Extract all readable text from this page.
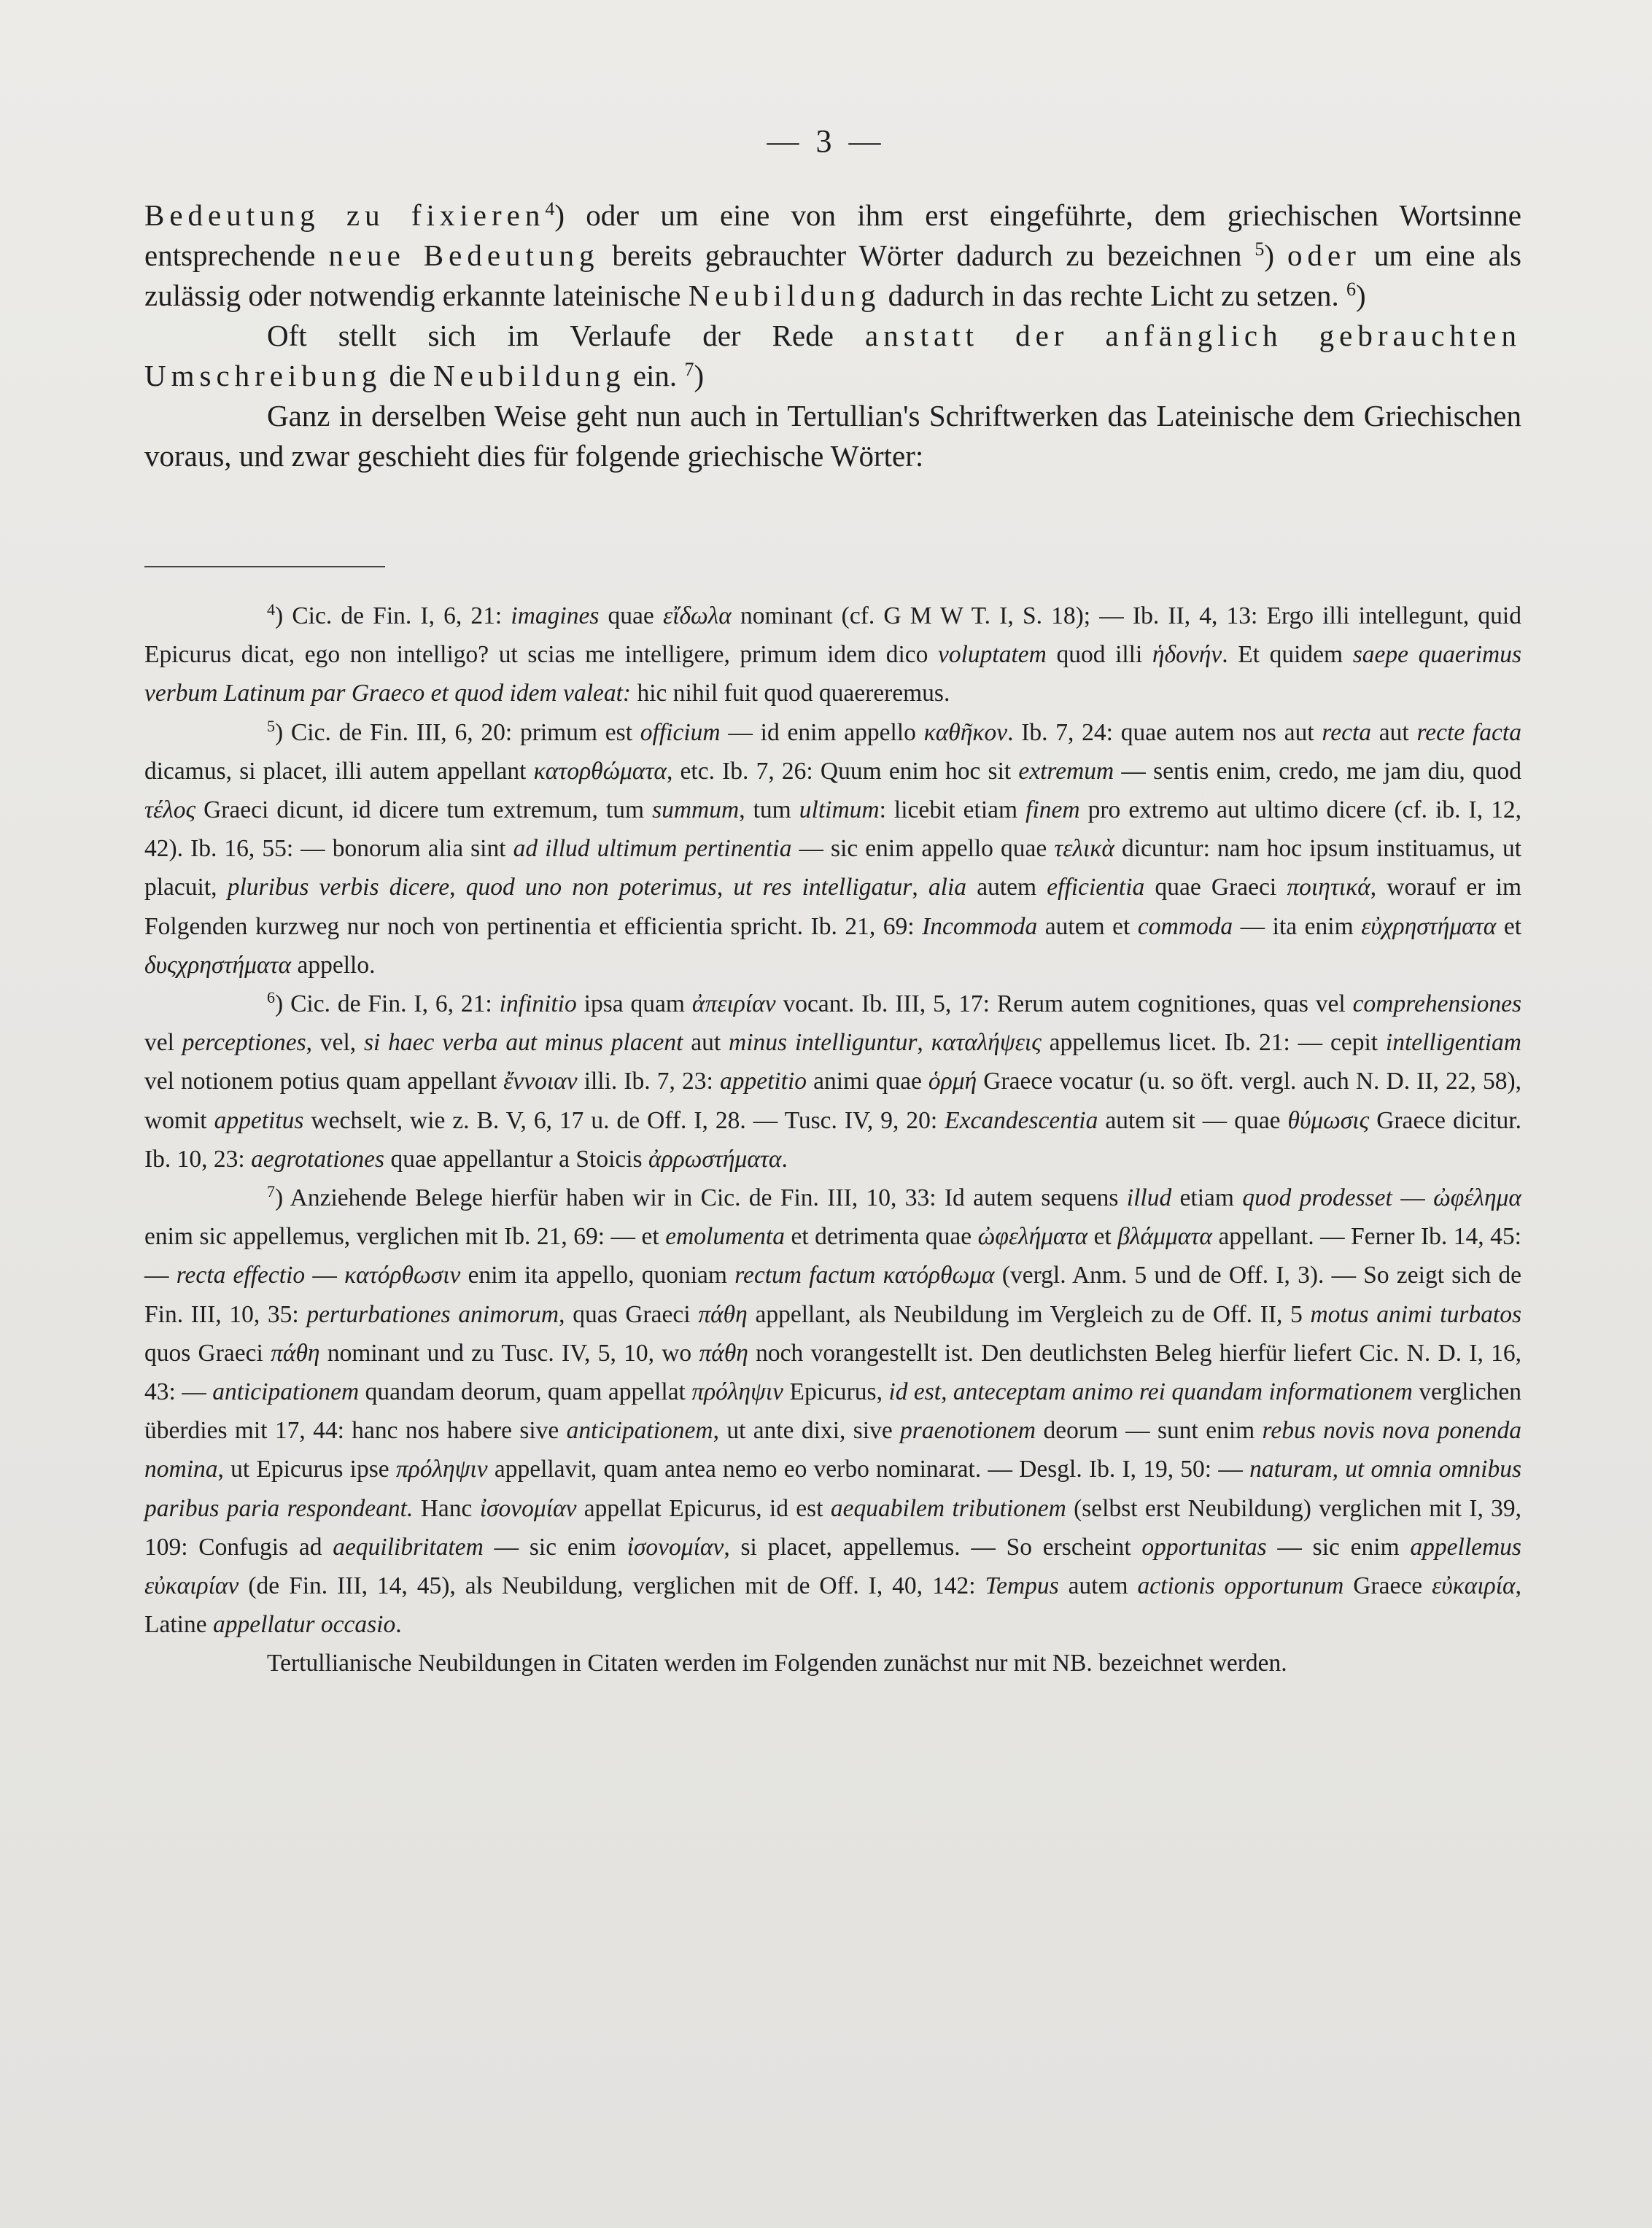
— 3 —

Bedeutung zu fixieren$^4$) oder um eine von ihm erst eingeführte, dem griechischen Wortsinne entsprechende neue Bedeutung bereits gebrauchter Wörter dadurch zu bezeichnen $^5$) oder um eine als zulässig oder notwendig erkannte lateinische Neubildung dadurch in das rechte Licht zu setzen. $^6$)

Oft stellt sich im Verlaufe der Rede anstatt der anfänglich gebrauchten Umschreibung die Neubildung ein. $^7$)

Ganz in derselben Weise geht nun auch in Tertullian's Schriftwerken das Lateinische dem Griechischen voraus, und zwar geschieht dies für folgende griechische Wörter:

$^4$) Cic. de Fin. I, 6, 21: imagines quae εἴδωλα nominant (cf. G M W T. I, S. 18); — Ib. II, 4, 13: Ergo illi intellegunt, quid Epicurus dicat, ego non intelligo? ut scias me intelligere, primum idem dico voluptatem quod illi ἡδονήν. Et quidem saepe quaerimus verbum Latinum par Graeco et quod idem valeat: hic nihil fuit quod quaereremus.

$^5$) Cic. de Fin. III, 6, 20: primum est officium — id enim appello καθῆκον. Ib. 7, 24: quae autem nos aut recta aut recte facta dicamus, si placet, illi autem appellant κατορθώματα, etc. Ib. 7, 26: Quum enim hoc sit extremum — sentis enim, credo, me jam diu, quod τέλος Graeci dicunt, id dicere tum extremum, tum summum, tum ultimum: licebit etiam finem pro extremo aut ultimo dicere (cf. ib. I, 12, 42). Ib. 16, 55: — bonorum alia sint ad illud ultimum pertinentia — sic enim appello quae τελικὰ dicuntur: nam hoc ipsum instituamus, ut placuit, pluribus verbis dicere, quod uno non poterimus, ut res intelligatur, alia autem efficientia quae Graeci ποιητικά, worauf er im Folgenden kurzweg nur noch von pertinentia et efficientia spricht. Ib. 21, 69: Incommoda autem et commoda — ita enim εὐχρηστήματα et δυςχρηστήματα appello.

$^6$) Cic. de Fin. I, 6, 21: infinitio ipsa quam ἀπειρίαν vocant. Ib. III, 5, 17: Rerum autem cognitiones, quas vel comprehensiones vel perceptiones, vel, si haec verba aut minus placent aut minus intelliguntur, καταλήψεις appellemus licet. Ib. 21: — cepit intelligentiam vel notionem potius quam appellant ἔννοιαν illi. Ib. 7, 23: appetitio animi quae ὁρμή Graece vocatur (u. so öft. vergl. auch N. D. II, 22, 58), womit appetitus wechselt, wie z. B. V, 6, 17 u. de Off. I, 28. — Tusc. IV, 9, 20: Excandescentia autem sit — quae θύμωσις Graece dicitur. Ib. 10, 23: aegrotationes quae appellantur a Stoicis ἀρρωστήματα.

$^7$) Anziehende Belege hierfür haben wir in Cic. de Fin. III, 10, 33: Id autem sequens illud etiam quod prodesset — ὠφέλημα enim sic appellemus, verglichen mit Ib. 21, 69: — et emolumenta et detrimenta quae ὠφελήματα et βλάμματα appellant. — Ferner Ib. 14, 45: — recta effectio — κατόρθωσιν enim ita appello, quoniam rectum factum κατόρθωμα (vergl. Anm. 5 und de Off. I, 3). — So zeigt sich de Fin. III, 10, 35: perturbationes animorum, quas Graeci πάθη appellant, als Neubildung im Vergleich zu de Off. II, 5 motus animi turbatos quos Graeci πάθη nominant und zu Tusc. IV, 5, 10, wo πάθη noch vorangestellt ist. Den deutlichsten Beleg hierfür liefert Cic. N. D. I, 16, 43: — anticipationem quandam deorum, quam appellat πρόληψιν Epicurus, id est, anteceptam animo rei quandam informationem verglichen überdies mit 17, 44: hanc nos habere sive anticipationem, ut ante dixi, sive praenotionem deorum — sunt enim rebus novis nova ponenda nomina, ut Epicurus ipse πρόληψιν appellavit, quam antea nemo eo verbo nominarat. — Desgl. Ib. I, 19, 50: — naturam, ut omnia omnibus paribus paria respondeant. Hanc ἰσονομίαν appellat Epicurus, id est aequabilem tributionem (selbst erst Neubildung) verglichen mit I, 39, 109: Confugis ad aequilibritatem — sic enim ἰσονομίαν, si placet, appellemus. — So erscheint opportunitas — sic enim appellemus εὐκαιρίαν (de Fin. III, 14, 45), als Neubildung, verglichen mit de Off. I, 40, 142: Tempus autem actionis opportunum Graece εὐκαιρία, Latine appellatur occasio.

Tertullianische Neubildungen in Citaten werden im Folgenden zunächst nur mit NB. bezeichnet werden.
